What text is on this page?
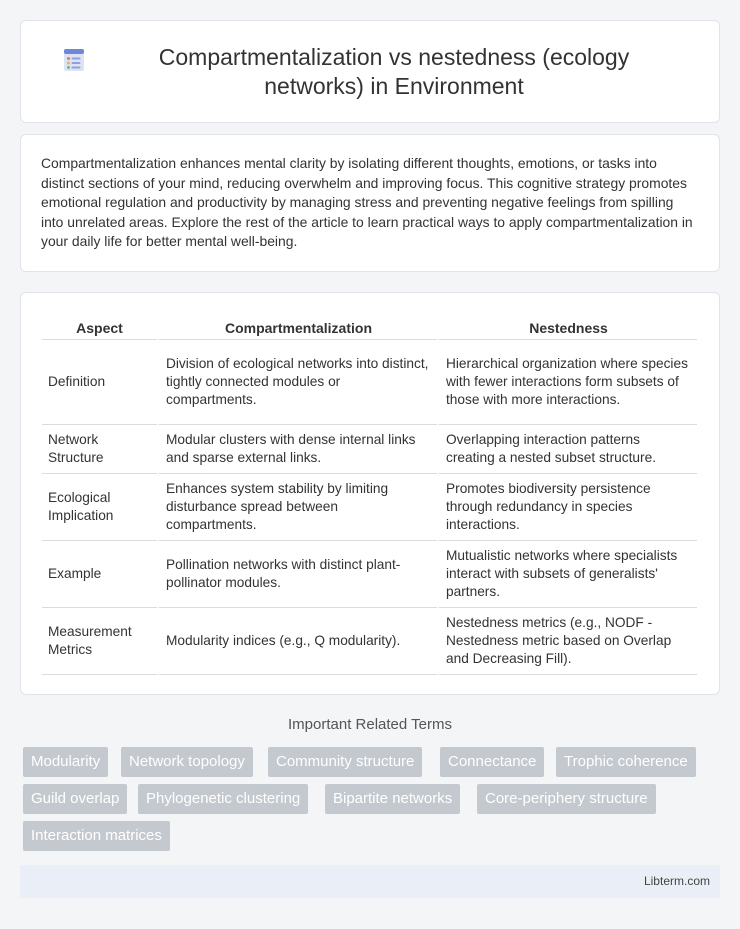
Compartmentalization vs nestedness (ecology networks) in Environment

Compartmentalization enhances mental clarity by isolating different thoughts, emotions, or tasks into distinct sections of your mind, reducing overwhelm and improving focus. This cognitive strategy promotes emotional regulation and productivity by managing stress and preventing negative feelings from spilling into unrelated areas. Explore the rest of the article to learn practical ways to apply compartmentalization in your daily life for better mental well-being.

Aspect	Compartmentalization	Nestedness
Definition	Division of ecological networks into distinct, tightly connected modules or compartments.	Hierarchical organization where species with fewer interactions form subsets of those with more interactions.
Network Structure	Modular clusters with dense internal links and sparse external links.	Overlapping interaction patterns creating a nested subset structure.
Ecological Implication	Enhances system stability by limiting disturbance spread between compartments.	Promotes biodiversity persistence through redundancy in species interactions.
Example	Pollination networks with distinct plant-pollinator modules.	Mutualistic networks where specialists interact with subsets of generalists' partners.
Measurement Metrics	Modularity indices (e.g., Q modularity).	Nestedness metrics (e.g., NODF - Nestedness metric based on Overlap and Decreasing Fill).
Important Related Terms
Modularity	Network topology	Community structure	Connectance	Trophic coherence
Guild overlap	Phylogenetic clustering	Bipartite networks	Core-periphery structure
Interaction matrices
Libterm.com
